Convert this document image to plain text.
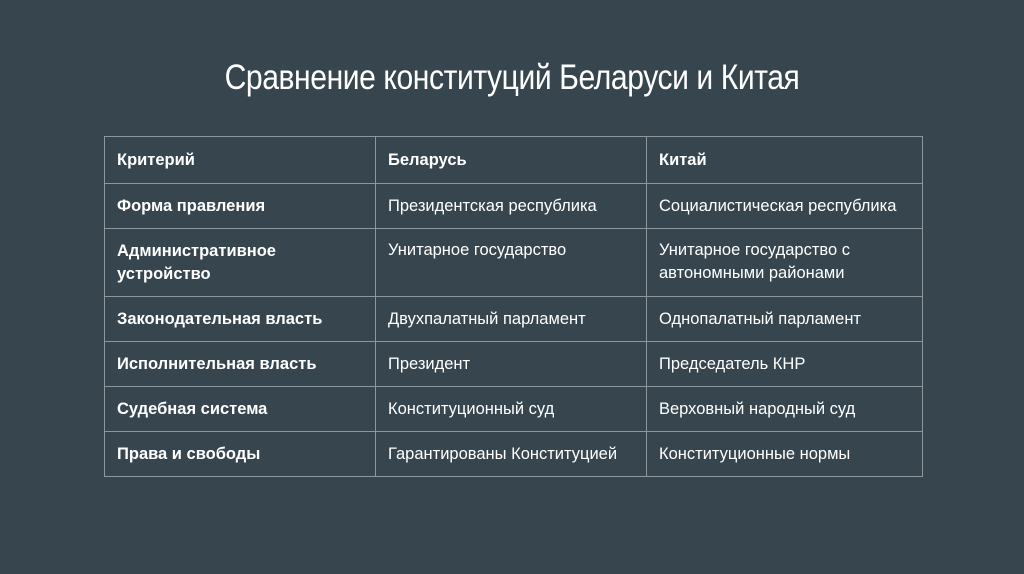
Сравнение конституций Беларуси и Китая
Критерий	Беларусь	Китай
Форма правления	Президентская республика	Социалистическая республика
Административное устройство	Унитарное государство	Унитарное государство с автономными районами
Законодательная власть	Двухпалатный парламент	Однопалатный парламент
Исполнительная власть	Президент	Председатель КНР
Судебная система	Конституционный суд	Верховный народный суд
Права и свободы	Гарантированы Конституцией	Конституционные нормы
